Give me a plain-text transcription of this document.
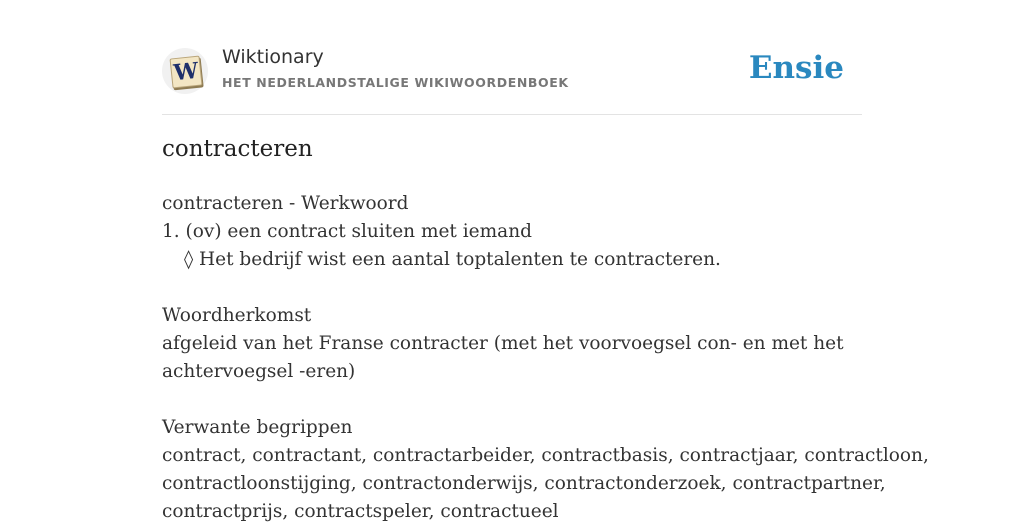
W
Wiktionary
HET NEDERLANDSTALIGE WIKIWOORDENBOEK	Ensie
contracteren
contracteren - Werkwoord
1. (ov) een contract sluiten met iemand
◊ Het bedrijf wist een aantal toptalenten te contracteren.
Woordherkomst
afgeleid van het Franse contracter (met het voorvoegsel con- en met het
achtervoegsel -eren)
Verwante begrippen
contract, contractant, contractarbeider, contractbasis, contractjaar, contractloon,
contractloonstijging, contractonderwijs, contractonderzoek, contractpartner,
contractprijs, contractspeler, contractueel
